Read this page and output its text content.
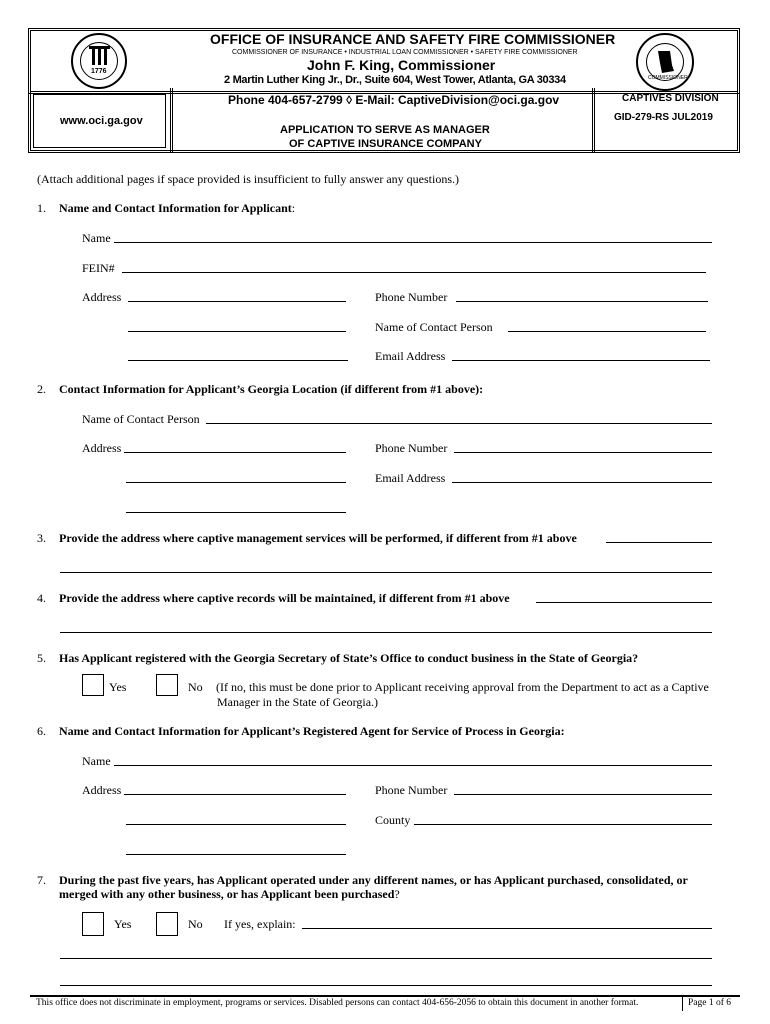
1776
COMMISSIONER
OFFICE OF INSURANCE AND SAFETY FIRE COMMISSIONER
COMMISSIONER OF INSURANCE • INDUSTRIAL LOAN COMMISSIONER • SAFETY FIRE COMMISSIONER
John F. King, Commissioner
2 Martin Luther King Jr., Dr., Suite 604, West Tower, Atlanta, GA 30334
Phone 404-657-2799 ◊ E-Mail: CaptiveDivision@oci.ga.gov
www.oci.ga.gov
APPLICATION TO SERVE AS MANAGER
OF CAPTIVE INSURANCE COMPANY
CAPTIVES DIVISION
GID-279-RS JUL2019
(Attach additional pages if space provided is insufficient to fully answer any questions.)
1. Name and Contact Information for Applicant:
Name
FEIN#
Address	Phone Number
Name of Contact Person
Email Address
2. Contact Information for Applicant’s Georgia Location (if different from #1 above):
Name of Contact Person
Address	Phone Number
Email Address
3. Provide the address where captive management services will be performed, if different from #1 above
4. Provide the address where captive records will be maintained, if different from #1 above
5. Has Applicant registered with the Georgia Secretary of State’s Office to conduct business in the State of Georgia?
Yes	No (If no, this must be done prior to Applicant receiving approval from the Department to act as a Captive
Manager in the State of Georgia.)
6. Name and Contact Information for Applicant’s Registered Agent for Service of Process in Georgia:
Name
Address	Phone Number
County
7. During the past five years, has Applicant operated under any different names, or has Applicant purchased, consolidated, or
merged with any other business, or has Applicant been purchased?
Yes	No If yes, explain:
This office does not discriminate in employment, programs or services. Disabled persons can contact 404-656-2056 to obtain this document in another format.	Page 1 of 6
